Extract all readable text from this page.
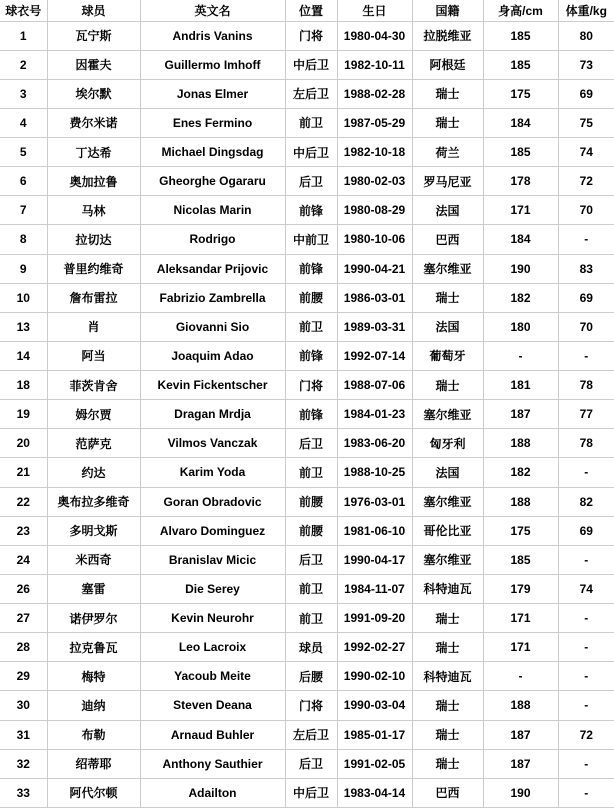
球衣号	球员	英文名	位置	生日	国籍	身高/cm	体重/kg
1	瓦宁斯	Andris Vanins	门将	1980-04-30	拉脱维亚	185	80
2	因霍夫	Guillermo Imhoff	中后卫	1982-10-11	阿根廷	185	73
3	埃尔默	Jonas Elmer	左后卫	1988-02-28	瑞士	175	69
4	费尔米诺	Enes Fermino	前卫	1987-05-29	瑞士	184	75
5	丁达希	Michael Dingsdag	中后卫	1982-10-18	荷兰	185	74
6	奥加拉鲁	Gheorghe Ogararu	后卫	1980-02-03	罗马尼亚	178	72
7	马林	Nicolas Marin	前锋	1980-08-29	法国	171	70
8	拉切达	Rodrigo	中前卫	1980-10-06	巴西	184	-
9	普里约维奇	Aleksandar Prijovic	前锋	1990-04-21	塞尔维亚	190	83
10	詹布雷拉	Fabrizio Zambrella	前腰	1986-03-01	瑞士	182	69
13	肖	Giovanni Sio	前卫	1989-03-31	法国	180	70
14	阿当	Joaquim Adao	前锋	1992-07-14	葡萄牙	-	-
18	菲茨肯舍	Kevin Fickentscher	门将	1988-07-06	瑞士	181	78
19	姆尔贾	Dragan Mrdja	前锋	1984-01-23	塞尔维亚	187	77
20	范萨克	Vilmos Vanczak	后卫	1983-06-20	匈牙利	188	78
21	约达	Karim Yoda	前卫	1988-10-25	法国	182	-
22	奥布拉多维奇	Goran Obradovic	前腰	1976-03-01	塞尔维亚	188	82
23	多明戈斯	Alvaro Dominguez	前腰	1981-06-10	哥伦比亚	175	69
24	米西奇	Branislav Micic	后卫	1990-04-17	塞尔维亚	185	-
26	塞雷	Die Serey	前卫	1984-11-07	科特迪瓦	179	74
27	诺伊罗尔	Kevin Neurohr	前卫	1991-09-20	瑞士	171	-
28	拉克鲁瓦	Leo Lacroix	球员	1992-02-27	瑞士	171	-
29	梅特	Yacoub Meite	后腰	1990-02-10	科特迪瓦	-	-
30	迪纳	Steven Deana	门将	1990-03-04	瑞士	188	-
31	布勒	Arnaud Buhler	左后卫	1985-01-17	瑞士	187	72
32	绍蒂耶	Anthony Sauthier	后卫	1991-02-05	瑞士	187	-
33	阿代尔顿	Adailton	中后卫	1983-04-14	巴西	190	-
